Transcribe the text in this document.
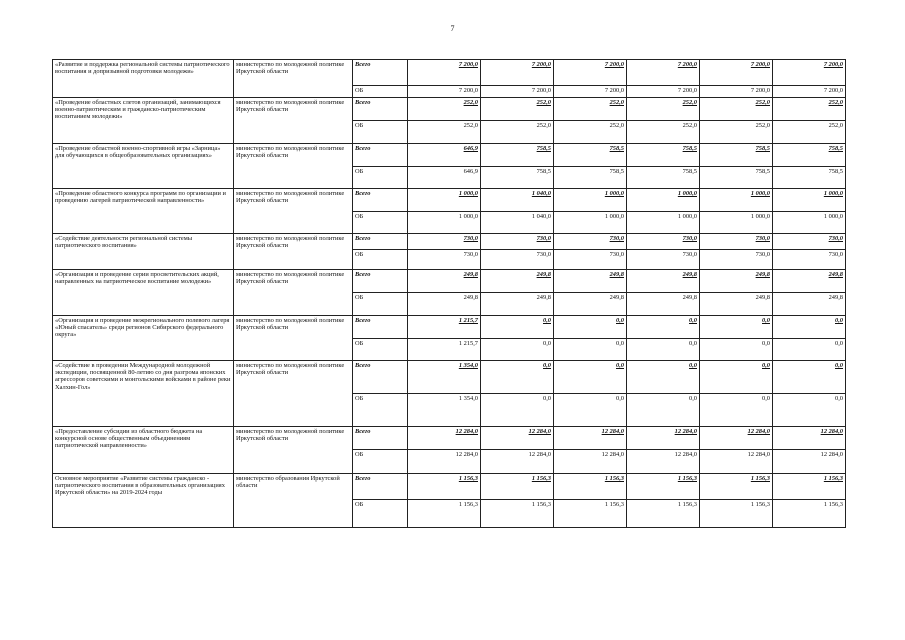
7
«Развитие и поддержка региональной системы патриотического воспитания и допризывной подготовки молодежи»	министерство по молодежной политике Иркутской области	Всего	7 200,0	7 200,0	7 200,0	7 200,0	7 200,0	7 200,0
		ОБ	7 200,0	7 200,0	7 200,0	7 200,0	7 200,0	7 200,0
«Проведение областных слетов организаций, занимающихся военно-патриотическим и гражданско-патриотическим воспитанием молодежи»	министерство по молодежной политике Иркутской области	Всего	252,0	252,0	252,0	252,0	252,0	252,0
		ОБ	252,0	252,0	252,0	252,0	252,0	252,0
«Проведение областной военно-спортивной игры «Зарница» для обучающихся в общеобразовательных организациях»	министерство по молодежной политике Иркутской области	Всего	646,9	758,5	758,5	758,5	758,5	758,5
		ОБ	646,9	758,5	758,5	758,5	758,5	758,5
«Проведение областного конкурса программ по организации и проведению лагерей патриотической направленности»	министерство по молодежной политике Иркутской области	Всего	1 000,0	1 040,0	1 000,0	1 000,0	1 000,0	1 000,0
		ОБ	1 000,0	1 040,0	1 000,0	1 000,0	1 000,0	1 000,0
«Содействие деятельности региональной системы патриотического воспитания»	министерство по молодежной политике Иркутской области	Всего	730,0	730,0	730,0	730,0	730,0	730,0
		ОБ	730,0	730,0	730,0	730,0	730,0	730,0
«Организация и проведение серии просветительских акций, направленных на патриотическое воспитание молодежи»	министерство по молодежной политике Иркутской области	Всего	249,8	249,8	249,8	249,8	249,8	249,8
		ОБ	249,8	249,8	249,8	249,8	249,8	249,8
«Организация и проведение межрегионального полевого лагеря «Юный спасатель» среди регионов Сибирского федерального округа»	министерство по молодежной политике Иркутской области	Всего	1 215,7	0,0	0,0	0,0	0,0	0,0
		ОБ	1 215,7	0,0	0,0	0,0	0,0	0,0
«Содействие в проведении Международной молодежной экспедиции, посвященной 80-летию со дня разгрома японских агрессоров советскими и монгольскими войсками в районе реки Халхин-Гол»	министерство по молодежной политике Иркутской области	Всего	1 354,0	0,0	0,0	0,0	0,0	0,0
		ОБ	1 354,0	0,0	0,0	0,0	0,0	0,0
«Предоставление субсидии из областного бюджета на конкурсной основе общественным объединениям патриотической направленности»	министерство по молодежной политике Иркутской области	Всего	12 284,0	12 284,0	12 284,0	12 284,0	12 284,0	12 284,0
		ОБ	12 284,0	12 284,0	12 284,0	12 284,0	12 284,0	12 284,0
Основное мероприятие «Развитие системы гражданско - патриотического воспитания в образовательных организациях Иркутской области» на 2019-2024 годы	министерство образования Иркутской области	Всего	1 156,3	1 156,3	1 156,3	1 156,3	1 156,3	1 156,3
		ОБ	1 156,3	1 156,3	1 156,3	1 156,3	1 156,3	1 156,3
